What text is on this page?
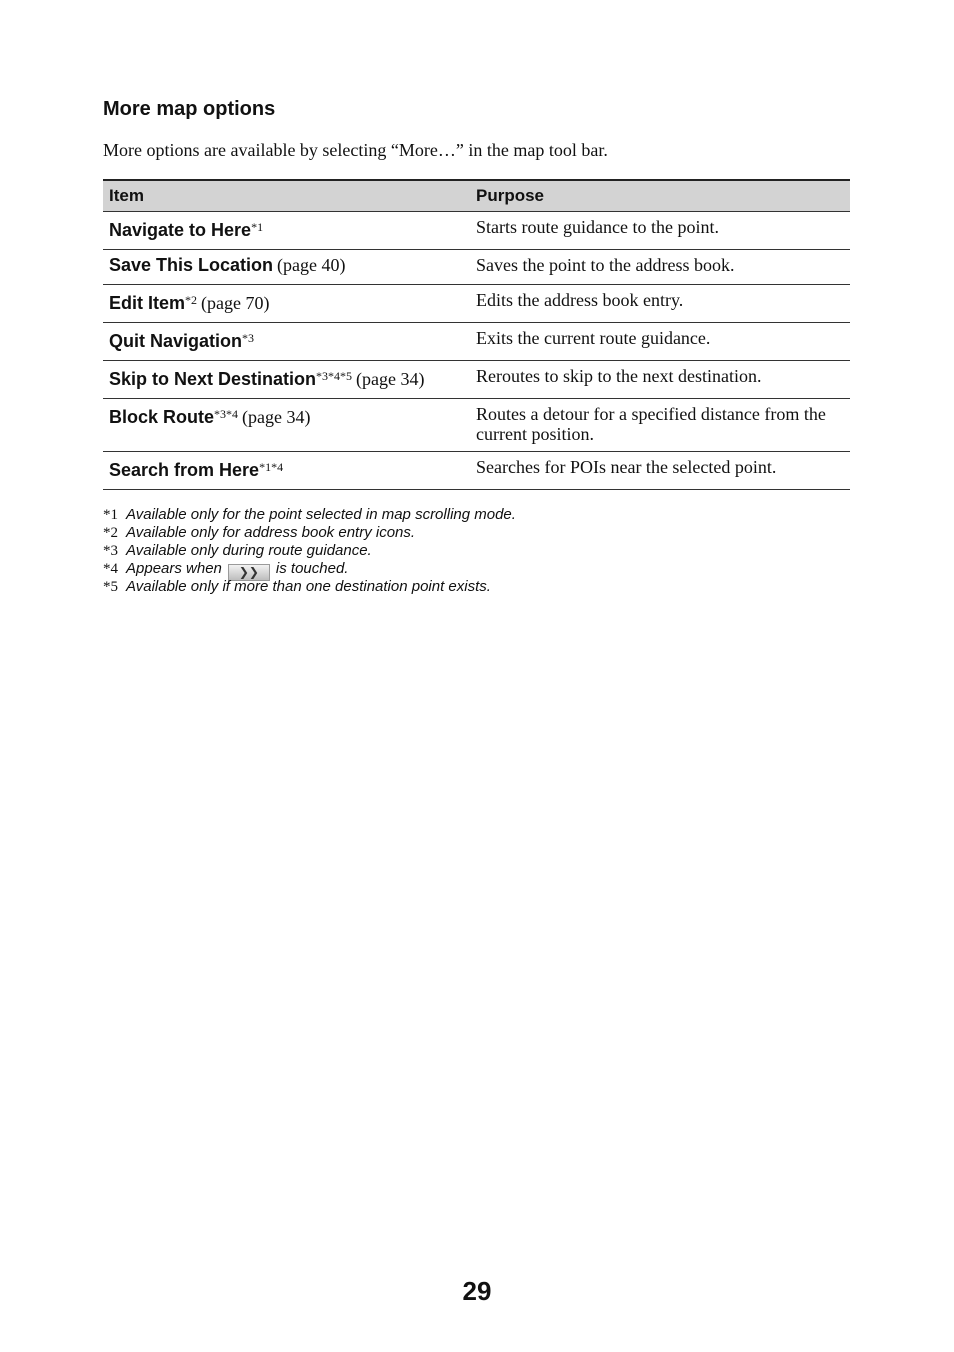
More map options

More options are available by selecting “More…” in the map tool bar.

Item	Purpose
Navigate to Here$^{*1}$	Starts route guidance to the point.
Save This Location (page 40)	Saves the point to the address book.
Edit Item$^{*2}$ (page 70)	Edits the address book entry.
Quit Navigation$^{*3}$	Exits the current route guidance.
Skip to Next Destination$^{*3*4*5}$ (page 34)	Reroutes to skip to the next destination.
Block Route$^{*3*4}$ (page 34)	Routes a detour for a specified distance from the current position.
Search from Here$^{*1*4}$	Searches for POIs near the selected point.
*1 Available only for the point selected in map scrolling mode.
*2 Available only for address book entry icons.
*3 Available only during route guidance.
*4 Appears when ❯❯ is touched.
*5 Available only if more than one destination point exists.
29
